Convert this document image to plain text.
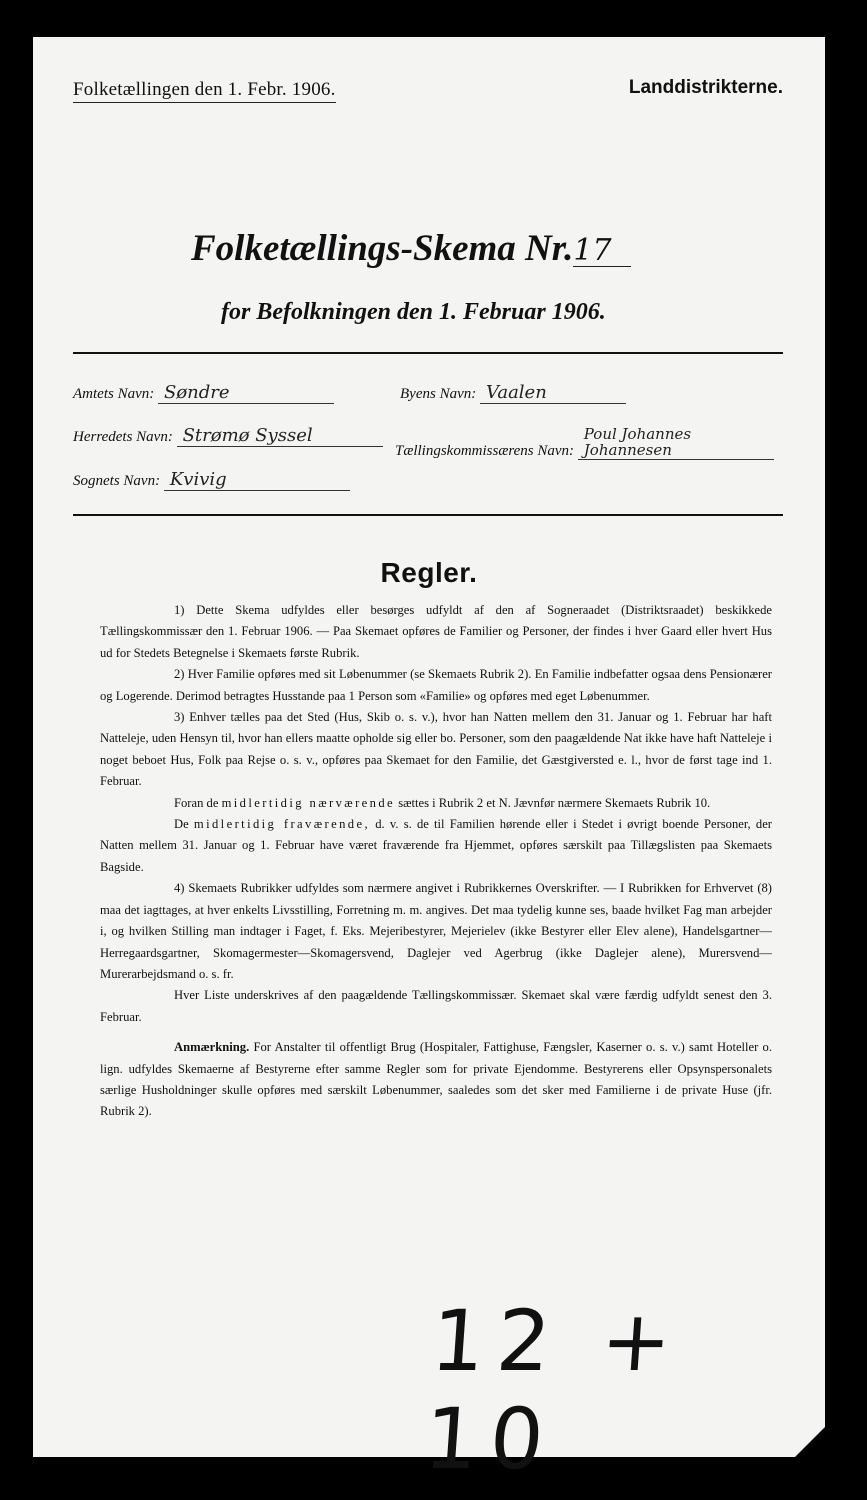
Folketællingen den 1. Febr. 1906.	Landdistrikterne.
Folketællings-Skema Nr.17
for Befolkningen den 1. Februar 1906.
Amtets Navn: Søndre	Byens Navn: Vaalen
Herredets Navn: Strømø Syssel
Tællingskommissærens Navn: Poul Johannes Johannesen
Sognets Navn: Kvivig
Regler.

1) Dette Skema udfyldes eller besørges udfyldt af den af Sogneraadet (Distriktsraadet) beskikkede Tællingskommissær den 1. Februar 1906. — Paa Skemaet opføres de Familier og Personer, der findes i hver Gaard eller hvert Hus ud for Stedets Betegnelse i Skemaets første Rubrik.

2) Hver Familie opføres med sit Løbenummer (se Skemaets Rubrik 2). En Familie indbefatter ogsaa dens Pensionærer og Logerende. Derimod betragtes Husstande paa 1 Person som «Familie» og opføres med eget Løbenummer.

3) Enhver tælles paa det Sted (Hus, Skib o. s. v.), hvor han Natten mellem den 31. Januar og 1. Februar har haft Natteleje, uden Hensyn til, hvor han ellers maatte opholde sig eller bo. Personer, som den paagældende Nat ikke have haft Natteleje i noget beboet Hus, Folk paa Rejse o. s. v., opføres paa Skemaet for den Familie, det Gæstgiversted e. l., hvor de først tage ind 1. Februar.

Foran de midlertidig nærværende sættes i Rubrik 2 et N. Jævnfør nærmere Skemaets Rubrik 10.

De midlertidig fraværende, d. v. s. de til Familien hørende eller i Stedet i øvrigt boende Personer, der Natten mellem 31. Januar og 1. Februar have været fraværende fra Hjemmet, opføres særskilt paa Tillægslisten paa Skemaets Bagside.

4) Skemaets Rubrikker udfyldes som nærmere angivet i Rubrikkernes Overskrifter. — I Rubrikken for Erhvervet (8) maa det iagttages, at hver enkelts Livsstilling, Forretning m. m. angives. Det maa tydelig kunne ses, baade hvilket Fag man arbejder i, og hvilken Stilling man indtager i Faget, f. Eks. Mejeribestyrer, Mejerielev (ikke Bestyrer eller Elev alene), Handelsgartner—Herregaardsgartner, Skomagermester—Skomagersvend, Daglejer ved Agerbrug (ikke Daglejer alene), Murersvend—Murerarbejdsmand o. s. fr.

Hver Liste underskrives af den paagældende Tællingskommissær. Skemaet skal være færdig udfyldt senest den 3. Februar.

Anmærkning. For Anstalter til offentligt Brug (Hospitaler, Fattighuse, Fængsler, Kaserner o. s. v.) samt Hoteller o. lign. udfyldes Skemaerne af Bestyrerne efter samme Regler som for private Ejendomme. Bestyrerens eller Opsynspersonalets særlige Husholdninger skulle opføres med særskilt Løbenummer, saaledes som det sker med Familierne i de private Huse (jfr. Rubrik 2).

12 + 10
